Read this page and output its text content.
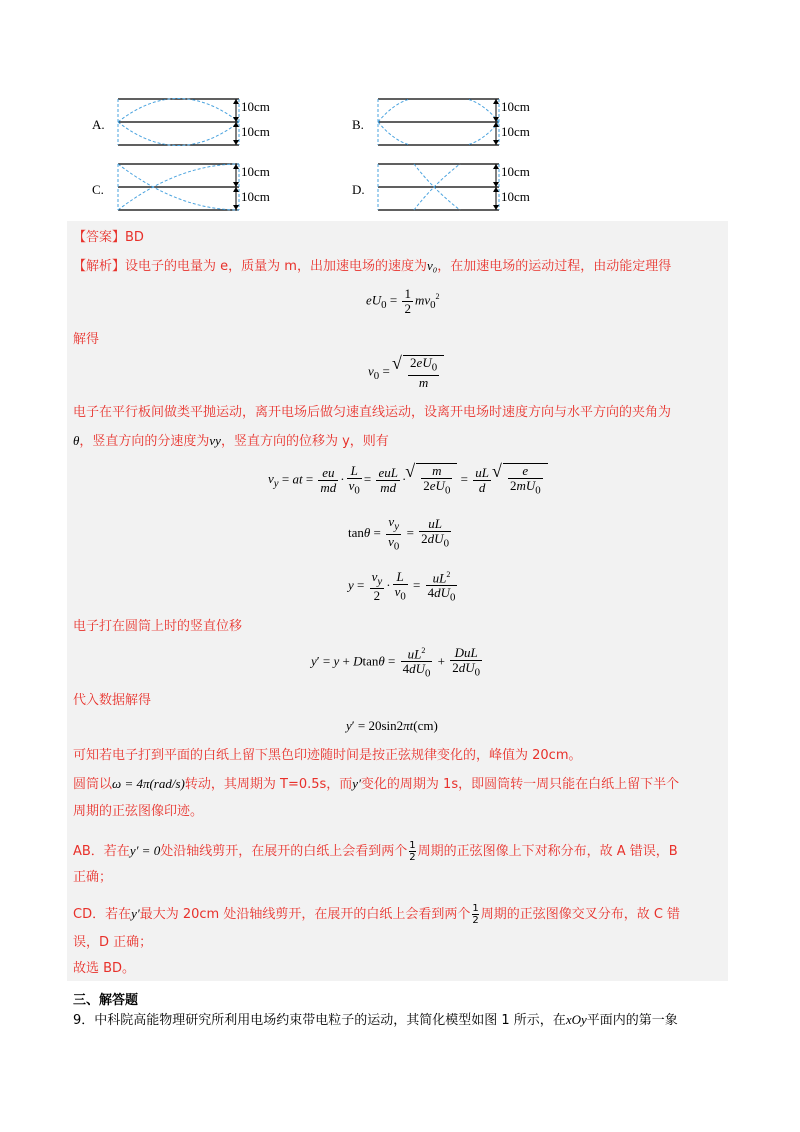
A.
10cm
10cm	B.
10cm
10cm
C.
10cm
10cm	D.
10cm
10cm
【答案】BD
【解析】设电子的电量为 e，质量为 m，出加速电场的速度为v₀，在加速电场的运动过程，由动能定理得
$eU_0 = \frac{1}{2} mv_0^2$
解得
$v_0$ = √ $\frac{2eU_0}{m}$
电子在平行板间做类平抛运动，离开电场后做匀速直线运动，设离开电场时速度方向与水平方向的夹角为
θ，竖直方向的分速度为vy，竖直方向的位移为 y，则有
$v_y$ = at = $\frac{eu}{md} \cdot \frac{L}{v_0} = \frac{\text{euL}}{md}$ · √ $\frac{m}{2eU_0} = \frac{uL}{d}$ √ $\frac{e}{2mU_0}$
$\tan\theta = \frac{v_y}{v_0} = \frac{uL}{2dU_0}$
$y = \frac{v_y}{2} \cdot \frac{L}{v_0} = \frac{uL^2}{4dU_0}$
电子打在圆筒上时的竖直位移
$y' = y + Dtan\theta = \frac{uL^2}{4dU_0} + \frac{\text{DuL}}{2dU_0}$
代入数据解得
y′ = 20sin2πt(cm)
可知若电子打到平面的白纸上留下黑色印迹随时间是按正弦规律变化的，峰值为 20cm。
圆筒以ω = 4π(rad/s)转动，其周期为 T=0.5s，而y′变化的周期为 1s，即圆筒转一周只能在白纸上留下半个
周期的正弦图像印迹。
AB．若在y′ = 0处沿轴线剪开，在展开的白纸上会看到两个 $\frac{1}{2}$ 周期的正弦图像上下对称分布，故 A 错误，B
正确；
CD．若在y′最大为 20cm 处沿轴线剪开，在展开的白纸上会看到两个 $\frac{1}{2}$ 周期的正弦图像交叉分布，故 C 错
误，D 正确；
故选 BD。
三、解答题
9．中科院高能物理研究所利用电场约束带电粒子的运动，其简化模型如图 1 所示，在xOy平面内的第一象
